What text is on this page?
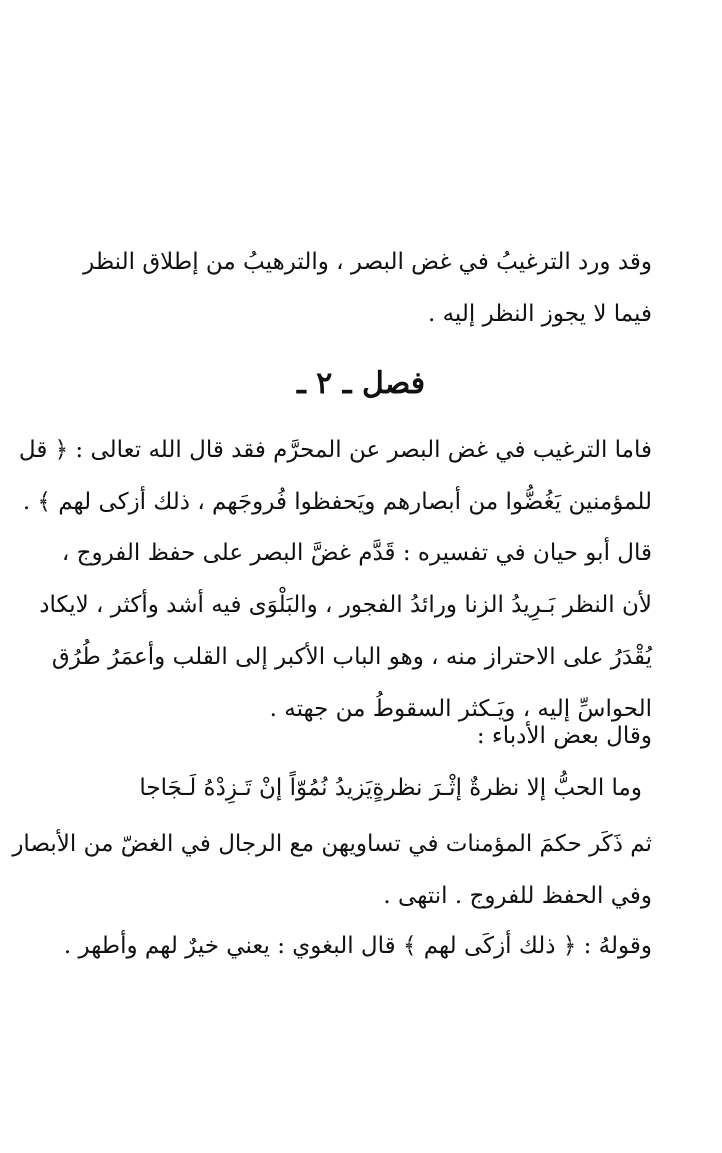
وقد ورد الترغيبُ في غض البصر ، والترهيبُ من إطلاق النظر
فيما لا يجوز النظر إليه .
فصل ـ ٢ ـ
فاما الترغيب في غض البصر عن المحرَّم فقد قال الله تعالى : ﴿ قل
للمؤمنين يَغُضُّوا من أبصارهم ويَحفظوا فُروجَهم ، ذلك أزكى لهم ﴾ .
قال أبو حيان في تفسيره : قَدَّم غضَّ البصر على حفظ الفروج ،
لأن النظر بَـرِيدُ الزنا ورائدُ الفجور ، والبَلْوَى فيه أشد وأكثر ، لايكاد
يُقْدَرُ على الاحتراز منه ، وهو الباب الأكبر إلى القلب وأعمَرُ طُرُق
الحواسِّ إليه ، ويَـكثر السقوطُ من جهته .
وقال بعض الأدباء :
وما الحبُّ إلا نظرةٌ إثْـرَ نظرةٍ
يَزيدُ نُمُوّاً إنْ تَـزِدْهُ لَـجَاجا
ثم ذَكَر حكمَ المؤمنات في تساويهن مع الرجال في الغضّ من الأبصار
وفي الحفظ للفروج . انتهى .
وقولهُ : ﴿ ذلك أزكَى لهم ﴾ قال البغوي : يعني خيرٌ لهم وأطهر .
